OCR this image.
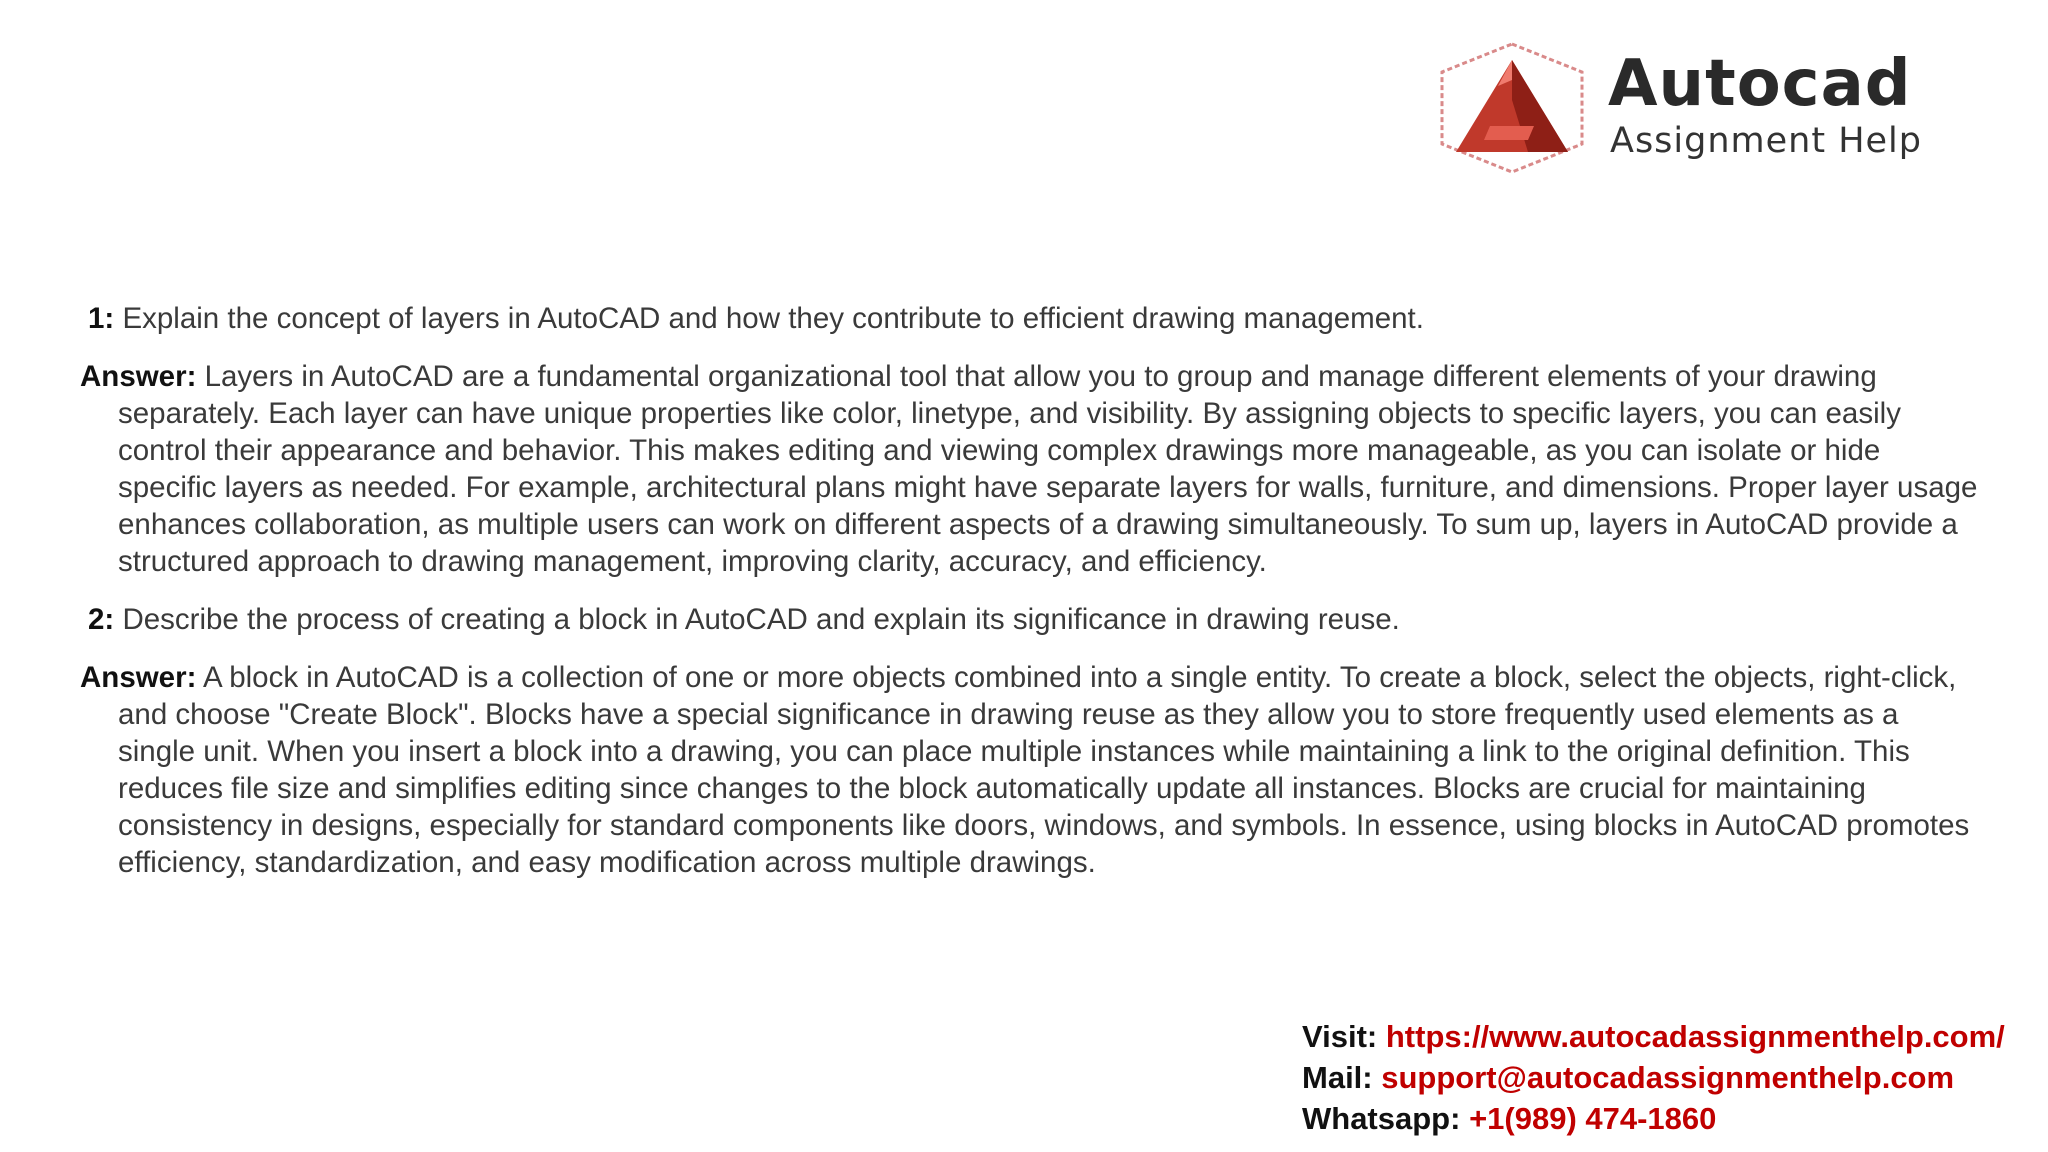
Autocad
Assignment Help

1: Explain the concept of layers in AutoCAD and how they contribute to efficient drawing management.

Answer: Layers in AutoCAD are a fundamental organizational tool that allow you to group and manage different elements of your drawing separately. Each layer can have unique properties like color, linetype, and visibility. By assigning objects to specific layers, you can easily control their appearance and behavior. This makes editing and viewing complex drawings more manageable, as you can isolate or hide specific layers as needed. For example, architectural plans might have separate layers for walls, furniture, and dimensions. Proper layer usage enhances collaboration, as multiple users can work on different aspects of a drawing simultaneously. To sum up, layers in AutoCAD provide a structured approach to drawing management, improving clarity, accuracy, and efficiency.

2: Describe the process of creating a block in AutoCAD and explain its significance in drawing reuse.

Answer: A block in AutoCAD is a collection of one or more objects combined into a single entity. To create a block, select the objects, right-click, and choose "Create Block". Blocks have a special significance in drawing reuse as they allow you to store frequently used elements as a single unit. When you insert a block into a drawing, you can place multiple instances while maintaining a link to the original definition. This reduces file size and simplifies editing since changes to the block automatically update all instances. Blocks are crucial for maintaining consistency in designs, especially for standard components like doors, windows, and symbols. In essence, using blocks in AutoCAD promotes efficiency, standardization, and easy modification across multiple drawings.

Visit: https://www.autocadassignmenthelp.com/
Mail: support@autocadassignmenthelp.com
Whatsapp: +1(989) 474-1860
